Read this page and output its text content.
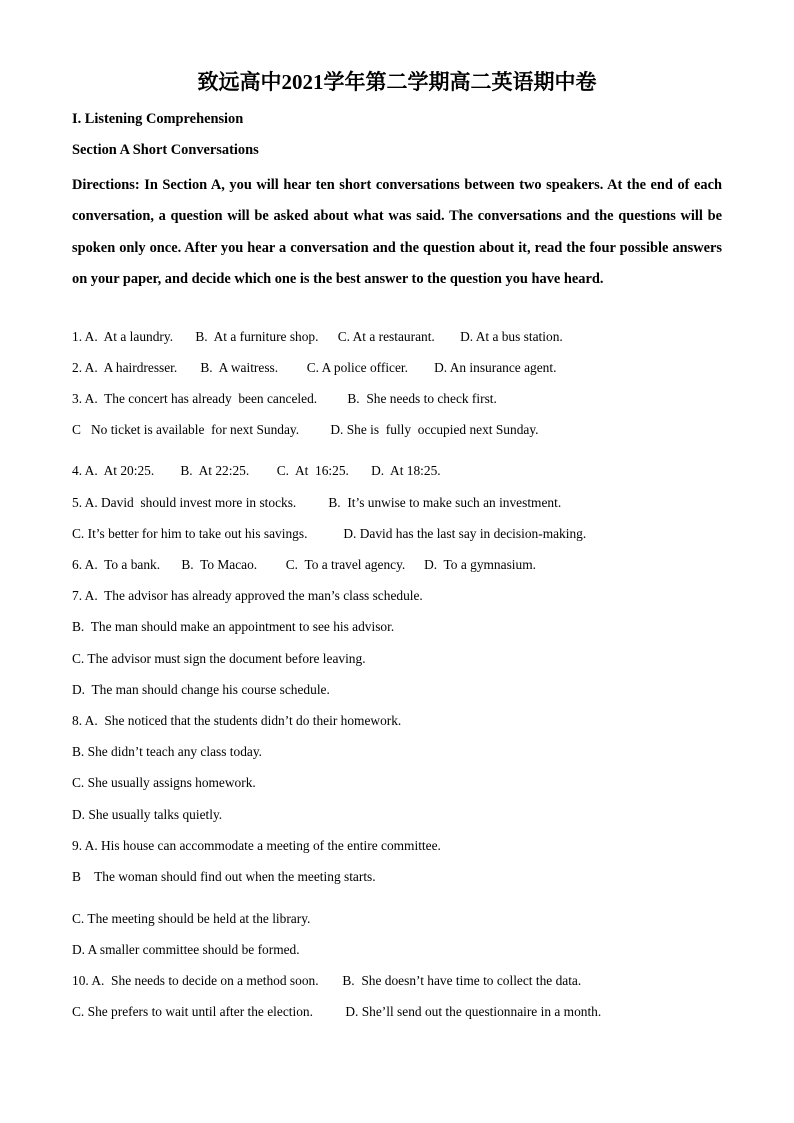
致远高中2021学年第二学期高二英语期中卷
I. Listening Comprehension
Section A Short Conversations
Directions: In Section A, you will hear ten short conversations between two speakers. At the end of each conversation, a question will be asked about what was said. The conversations and the questions will be spoken only once. After you hear a conversation and the question about it, read the four possible answers on your paper, and decide which one is the best answer to the question you have heard.
1. A.  At a laundry. B.  At a furniture shop. C. At a restaurant. D. At a bus station.
2. A.  A hairdresser. B.  A waitress. C. A police officer. D. An insurance agent.
3. A.  The concert has already  been canceled. B.  She needs to check first.
C   No ticket is available  for next Sunday. D. She is  fully  occupied next Sunday.
4. A.  At 20:25. B.  At 22:25. C.  At  16:25. D.  At 18:25.
5. A. David  should invest more in stocks. B.  It’s unwise to make such an investment.
C. It’s better for him to take out his savings.	D. David has the last say in decision-making.
6. A.  To a bank. B.  To Macao. C.  To a travel agency. D.  To a gymnasium.
7. A.  The advisor has already approved the man’s class schedule.
B.  The man should make an appointment to see his advisor.
C. The advisor must sign the document before leaving.
D.  The man should change his course schedule.
8. A.  She noticed that the students didn’t do their homework.
B. She didn’t teach any class today.
C. She usually assigns homework.
D. She usually talks quietly.
9. A. His house can accommodate a meeting of the entire committee.
B    The woman should find out when the meeting starts.
C. The meeting should be held at the library.
D. A smaller committee should be formed.
10. A.  She needs to decide on a method soon. B.  She doesn’t have time to collect the data.
C. She prefers to wait until after the election. D. She’ll send out the questionnaire in a month.
